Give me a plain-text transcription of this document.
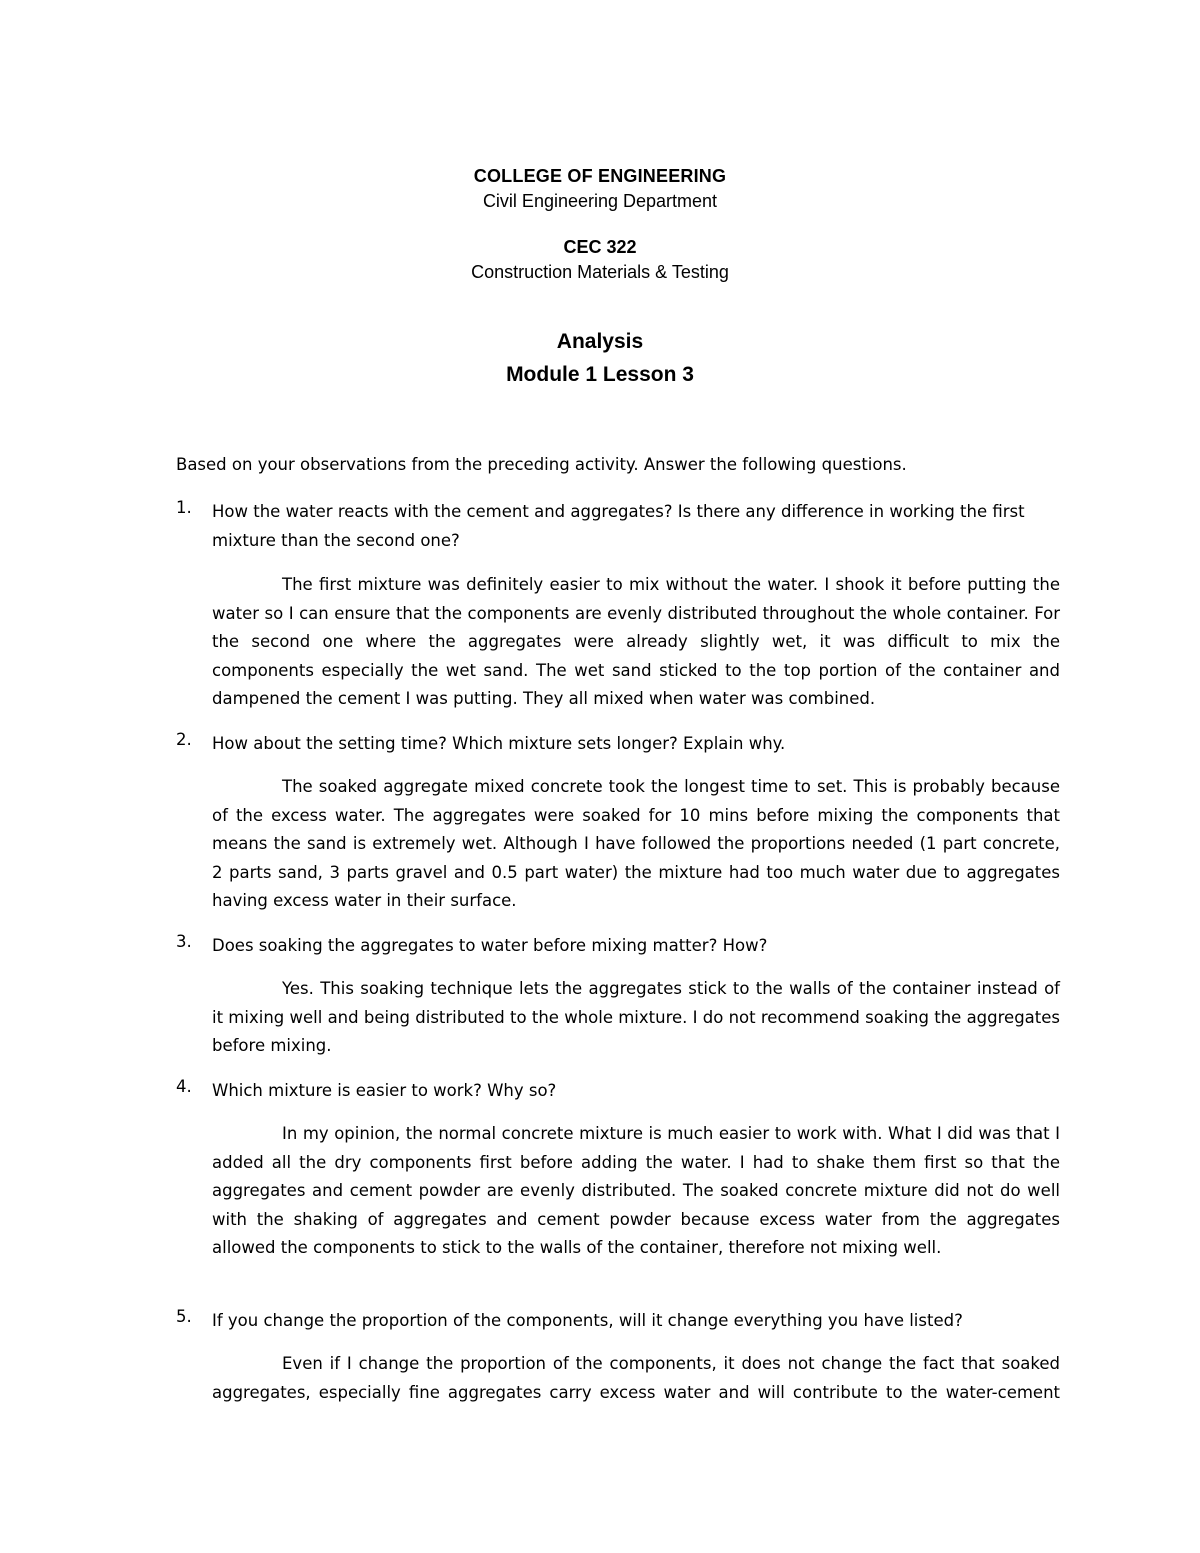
COLLEGE OF ENGINEERING
Civil Engineering Department
CEC 322
Construction Materials & Testing
Analysis
Module 1 Lesson 3
Based on your observations from the preceding activity. Answer the following questions.
1.	How the water reacts with the cement and aggregates? Is there any difference in working the first mixture than the second one?
The first mixture was definitely easier to mix without the water. I shook it before putting the water so I can ensure that the components are evenly distributed throughout the whole container. For the second one where the aggregates were already slightly wet, it was difficult to mix the components especially the wet sand. The wet sand sticked to the top portion of the container and dampened the cement I was putting. They all mixed when water was combined.
2.	How about the setting time? Which mixture sets longer? Explain why.
The soaked aggregate mixed concrete took the longest time to set. This is probably because of the excess water. The aggregates were soaked for 10 mins before mixing the components that means the sand is extremely wet. Although I have followed the proportions needed (1 part concrete, 2 parts sand, 3 parts gravel and 0.5 part water) the mixture had too much water due to aggregates having excess water in their surface.
3.	Does soaking the aggregates to water before mixing matter? How?
Yes. This soaking technique lets the aggregates stick to the walls of the container instead of it mixing well and being distributed to the whole mixture. I do not recommend soaking the aggregates before mixing.
4.	Which mixture is easier to work? Why so?
In my opinion, the normal concrete mixture is much easier to work with. What I did was that I added all the dry components first before adding the water. I had to shake them first so that the aggregates and cement powder are evenly distributed. The soaked concrete mixture did not do well with the shaking of aggregates and cement powder because excess water from the aggregates allowed the components to stick to the walls of the container, therefore not mixing well.
5.	If you change the proportion of the components, will it change everything you have listed?
Even if I change the proportion of the components, it does not change the fact that soaked aggregates, especially fine aggregates carry excess water and will contribute to the water-cement
